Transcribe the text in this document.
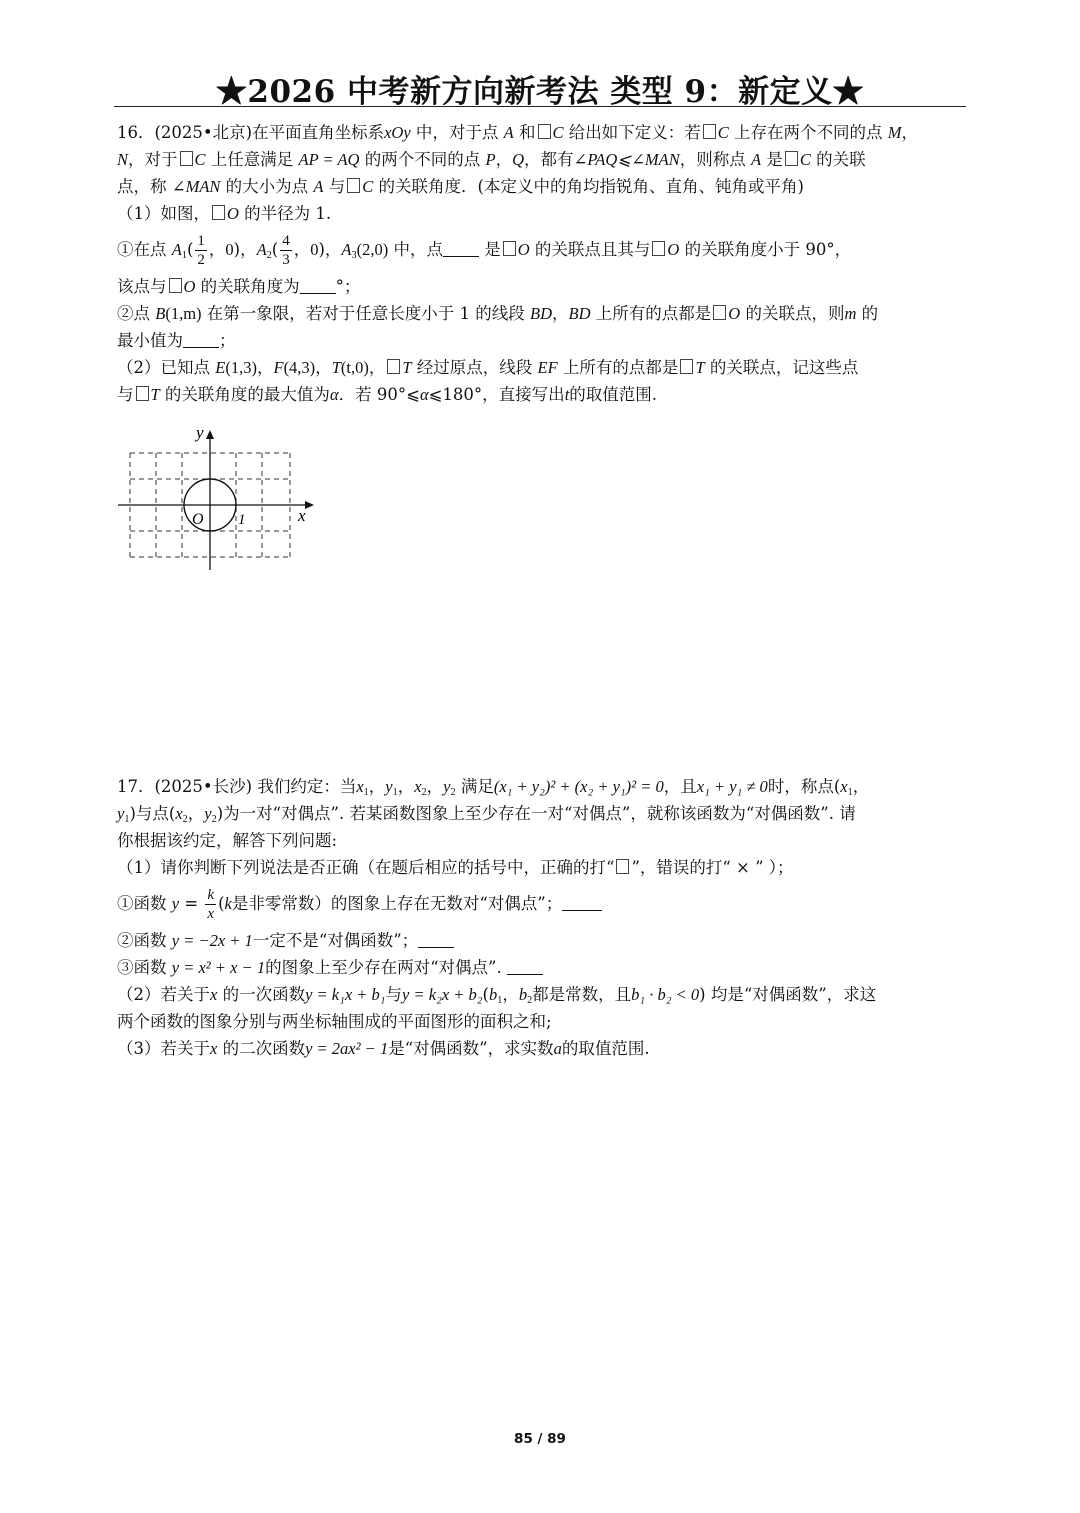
★2026 中考新方向新考法 类型 9：新定义★
16．(2025•北京)在平面直角坐标系xOy 中，对于点 A 和 C 给出如下定义：若 C 上存在两个不同的点 M，
N，对于 C 上任意满足 AP = AQ 的两个不同的点 P，Q，都有∠PAQ⩽∠MAN，则称点 A 是 C 的关联
点，称 ∠MAN 的大小为点 A 与 C 的关联角度．(本定义中的角均指锐角、直角、钝角或平角)
（1）如图， O 的半径为 1.
①在点 $A_1( \frac{1}{2}$ ，0)，$A_2( \frac{4}{3}$ ，0)，$A_3(2,0)$ 中，点 是 O 的关联点且其与 O 的关联角度小于 90°，
该点与 O 的关联角度为 °；
②点 B(1,m) 在第一象限，若对于任意长度小于 1 的线段 BD，BD 上所有的点都是 O 的关联点，则m 的
最小值为 ；
（2）已知点 E(1,3)，F(4,3)，T(t,0)， T 经过原点，线段 EF 上所有的点都是 T 的关联点，记这些点
与 T 的关联角度的最大值为α．若 90°⩽α⩽180°，直接写出t的取值范围.
y
x
O 1
17．(2025•长沙) 我们约定：当$x_1$，$y_1$，$x_2$，$y_2$ 满足(x₁ + y₂)² + (x₂ + y₁)² = 0，且x₁ + y₁ ≠ 0时，称点($x_1$，
$y_1$)与点($x_2$，$y_2$)为一对“对偶点”. 若某函数图象上至少存在一对“对偶点”，就称该函数为“对偶函数”. 请
你根据该约定，解答下列问题:
（1）请你判断下列说法是否正确（在题后相应的括号中，正确的打“ ”，错误的打“ × ” ）；
①函数 $y = \frac{k}{x} (k$是非零常数）的图象上存在无数对“对偶点”；
②函数 y = −2x + 1一定不是“对偶函数”；
③函数 y = x² + x − 1的图象上至少存在两对“对偶点”.
（2）若关于x 的一次函数y = k₁x + b₁与$y = k_2x + b_2(b_1$，$b_2$都是常数，且b₁ · b₂ < 0) 均是“对偶函数”，求这
两个函数的图象分别与两坐标轴围成的平面图形的面积之和;
（3）若关于x 的二次函数y = 2ax² − 1是“对偶函数”，求实数a的取值范围.
85 / 89
